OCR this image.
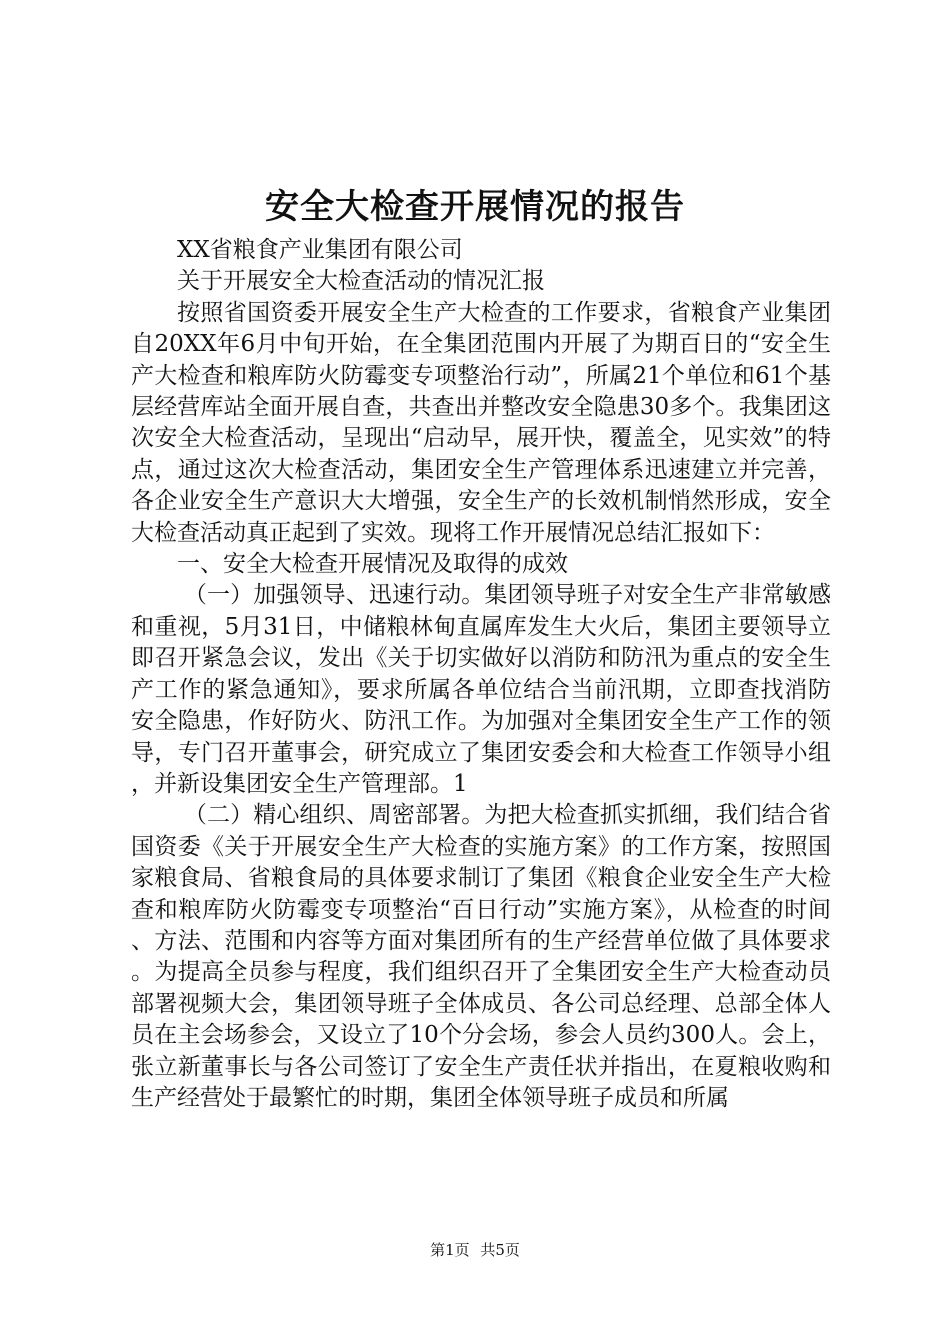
安全大检查开展情况的报告

XX省粮食产业集团有限公司

关于开展安全大检查活动的情况汇报

按照省国资委开展安全生产大检查的工作要求，省粮食产业集团自20XX年6月中旬开始，在全集团范围内开展了为期百日的“安全生产大检查和粮库防火防霉变专项整治行动”，所属21个单位和61个基层经营库站全面开展自查，共查出并整改安全隐患30多个。我集团这次安全大检查活动，呈现出“启动早，展开快，覆盖全，见实效”的特点，通过这次大检查活动，集团安全生产管理体系迅速建立并完善，各企业安全生产意识大大增强，安全生产的长效机制悄然形成，安全大检查活动真正起到了实效。现将工作开展情况总结汇报如下：

一、安全大检查开展情况及取得的成效

（一）加强领导、迅速行动。集团领导班子对安全生产非常敏感和重视，5月31日，中储粮林甸直属库发生大火后，集团主要领导立即召开紧急会议，发出《关于切实做好以消防和防汛为重点的安全生产工作的紧急通知》，要求所属各单位结合当前汛期，立即查找消防安全隐患，作好防火、防汛工作。为加强对全集团安全生产工作的领导，专门召开董事会，研究成立了集团安委会和大检查工作领导小组，并新设集团安全生产管理部。1

（二）精心组织、周密部署。为把大检查抓实抓细，我们结合省国资委《关于开展安全生产大检查的实施方案》的工作方案，按照国家粮食局、省粮食局的具体要求制订了集团《粮食企业安全生产大检查和粮库防火防霉变专项整治“百日行动”实施方案》，从检查的时间、方法、范围和内容等方面对集团所有的生产经营单位做了具体要求。为提高全员参与程度，我们组织召开了全集团安全生产大检查动员部署视频大会，集团领导班子全体成员、各公司总经理、总部全体人员在主会场参会，又设立了10个分会场，参会人员约300人。会上，张立新董事长与各公司签订了安全生产责任状并指出，在夏粮收购和生产经营处于最繁忙的时期，集团全体领导班子成员和所属

第1页 共5页
